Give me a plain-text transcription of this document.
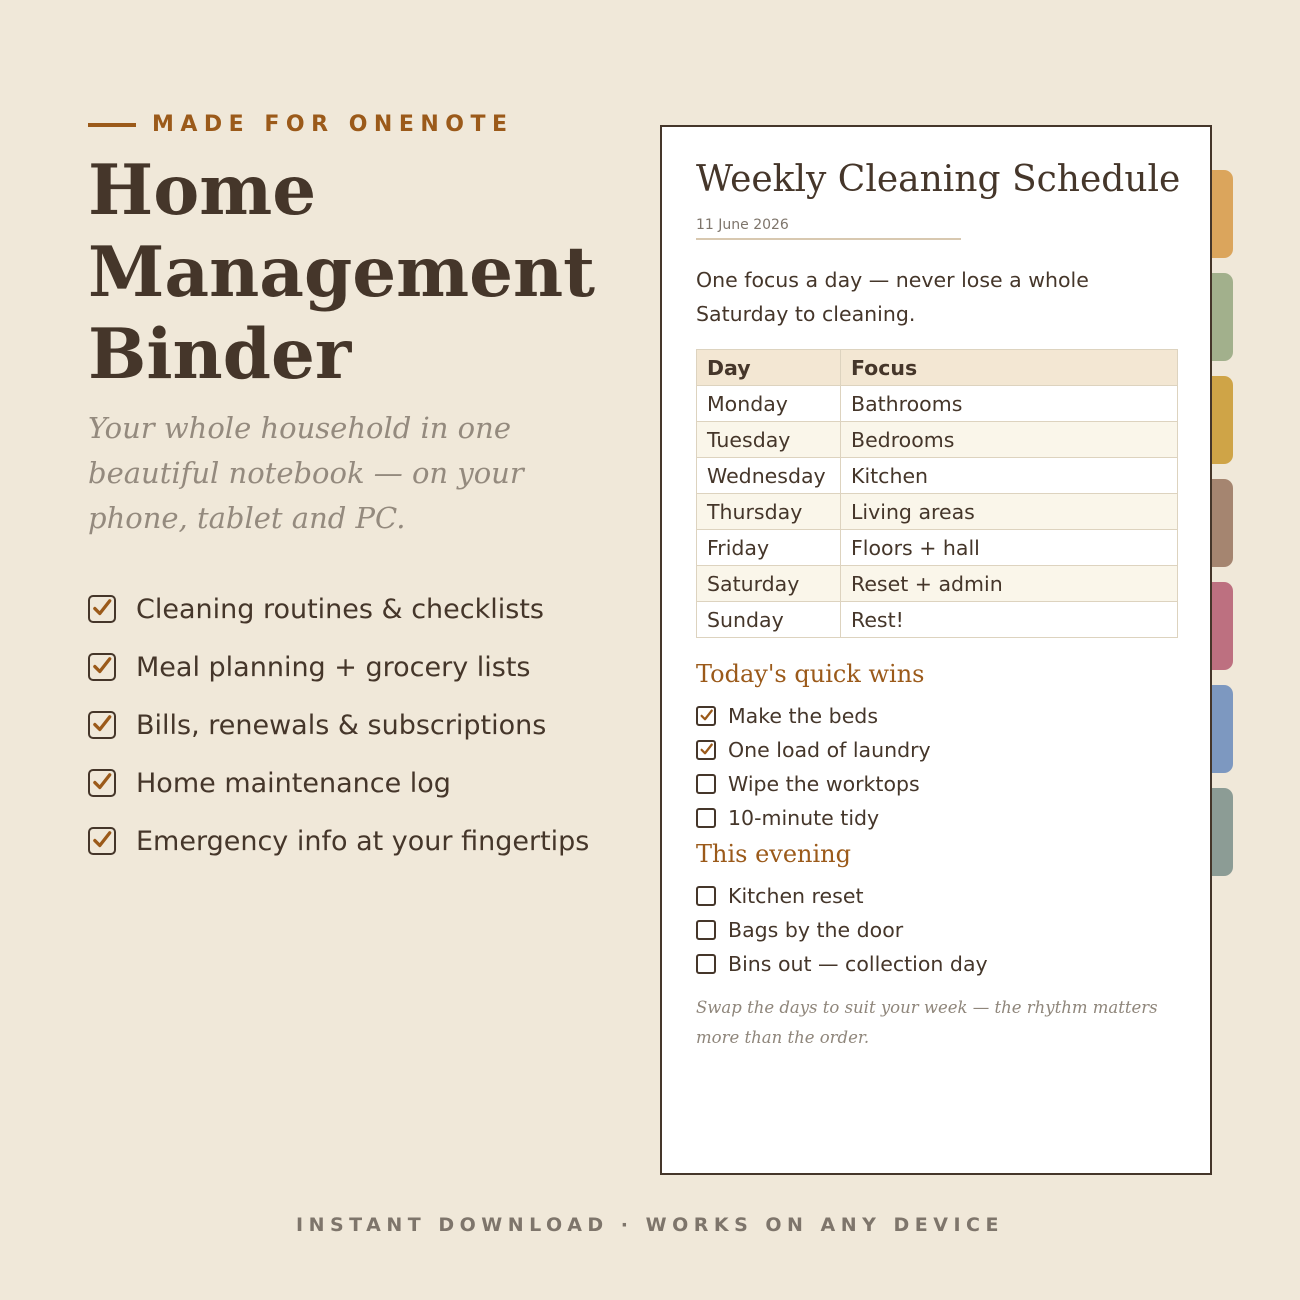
MADE FOR ONENOTE
Home
Management
Binder

Your whole household in one beautiful notebook — on your phone, tablet and PC.

Cleaning routines & checklists
Meal planning + grocery lists
Bills, renewals & subscriptions
Home maintenance log
Emergency info at your fingertips
Weekly Cleaning Schedule
11 June 2026

One focus a day — never lose a whole Saturday to cleaning.

Day	Focus
Monday	Bathrooms
Tuesday	Bedrooms
Wednesday	Kitchen
Thursday	Living areas
Friday	Floors + hall
Saturday	Reset + admin
Sunday	Rest!
Today's quick wins
Make the beds
One load of laundry
Wipe the worktops
10-minute tidy
This evening
Kitchen reset
Bags by the door
Bins out — collection day

Swap the days to suit your week — the rhythm matters more than the order.

INSTANT DOWNLOAD · WORKS ON ANY DEVICE
